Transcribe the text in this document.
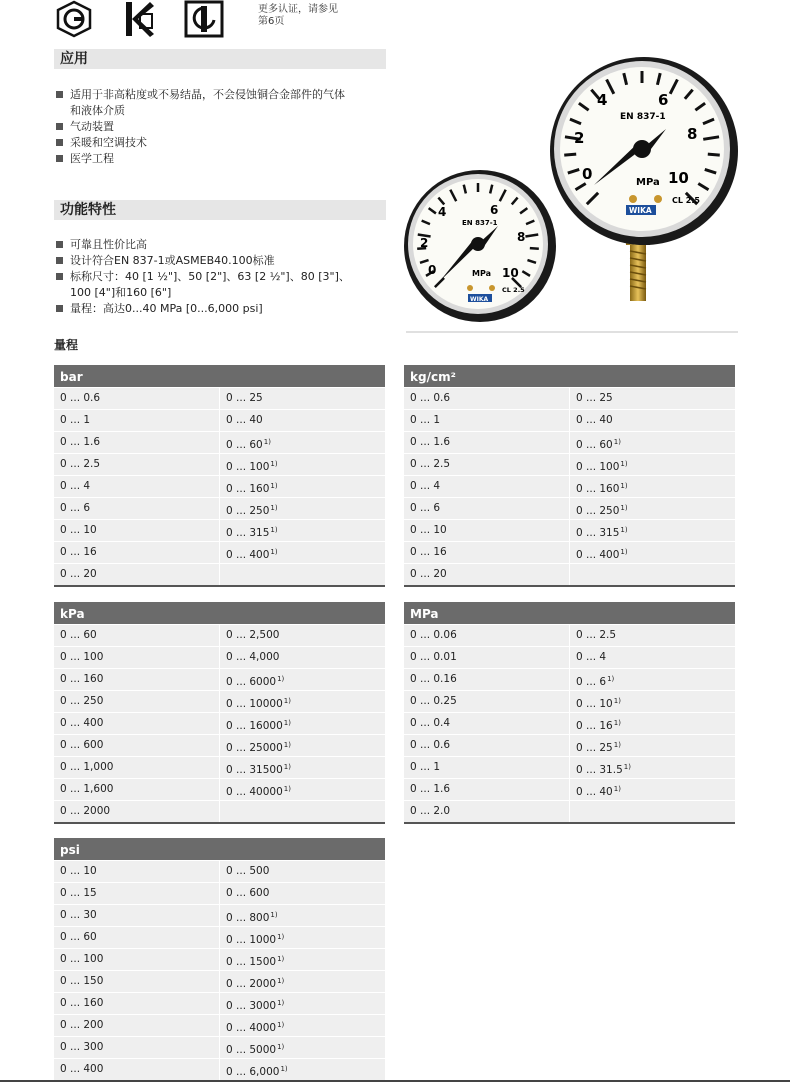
更多认证，请参见
第6页
应用
适用于非高粘度或不易结晶，不会侵蚀铜合金部件的气体
和液体介质
气动装置
采暖和空调技术
医学工程
功能特性
可靠且性价比高
设计符合EN 837-1或ASMEB40.100标准
标称尺寸：40 [1 ½"]、50 [2"]、63 [2 ½"]、80 [3"]、
100 [4"]和160 [6"]
量程：高达0...40 MPa [0...6,000 psi]
0
2
4	6
8
10
EN 837-1
MPa
CL 2.5
WIKA
0
2
4	6
8
10
EN 837-1
MPa
CL 2.5
WIKA
量程
bar
0 ... 0.6	0 ... 25
0 ... 1	0 ... 40
0 ... 1.6	0 ... 60$^{1)}$
0 ... 2.5	0 ... 100$^{1)}$
0 ... 4	0 ... 160$^{1)}$
0 ... 6	0 ... 250$^{1)}$
0 ... 10	0 ... 315$^{1)}$
0 ... 16	0 ... 400$^{1)}$
0 ... 20
kg/cm²
0 ... 0.6	0 ... 25
0 ... 1	0 ... 40
0 ... 1.6	0 ... 60$^{1)}$
0 ... 2.5	0 ... 100$^{1)}$
0 ... 4	0 ... 160$^{1)}$
0 ... 6	0 ... 250$^{1)}$
0 ... 10	0 ... 315$^{1)}$
0 ... 16	0 ... 400$^{1)}$
0 ... 20
kPa
0 ... 60	0 ... 2,500
0 ... 100	0 ... 4,000
0 ... 160	0 ... 6000$^{1)}$
0 ... 250	0 ... 10000$^{1)}$
0 ... 400	0 ... 16000$^{1)}$
0 ... 600	0 ... 25000$^{1)}$
0 ... 1,000	0 ... 31500$^{1)}$
0 ... 1,600	0 ... 40000$^{1)}$
0 ... 2000
MPa
0 ... 0.06	0 ... 2.5
0 ... 0.01	0 ... 4
0 ... 0.16	0 ... 6$^{1)}$
0 ... 0.25	0 ... 10$^{1)}$
0 ... 0.4	0 ... 16$^{1)}$
0 ... 0.6	0 ... 25$^{1)}$
0 ... 1	0 ... 31.5$^{1)}$
0 ... 1.6	0 ... 40$^{1)}$
0 ... 2.0
psi
0 ... 10	0 ... 500
0 ... 15	0 ... 600
0 ... 30	0 ... 800$^{1)}$
0 ... 60	0 ... 1000$^{1)}$
0 ... 100	0 ... 1500$^{1)}$
0 ... 150	0 ... 2000$^{1)}$
0 ... 160	0 ... 3000$^{1)}$
0 ... 200	0 ... 4000$^{1)}$
0 ... 300	0 ... 5000$^{1)}$
0 ... 400	0 ... 6,000$^{1)}$
